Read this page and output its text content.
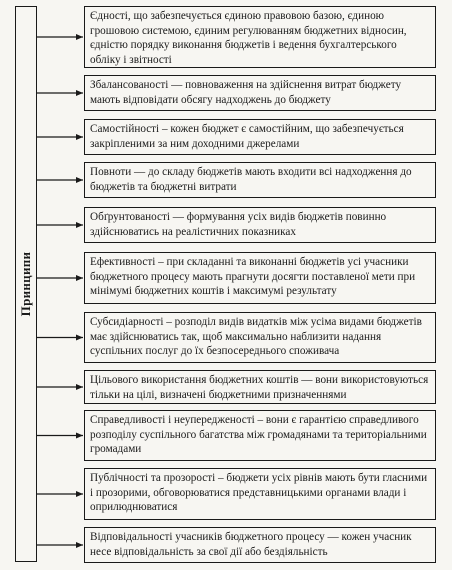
Принципи
Єдності, що забезпечується єдиною правовою базою, єдиною грошовою системою, єдиним регулюванням бюджетних відносин, єдністю порядку виконання бюджетів і ведення бухгалтерського обліку і звітності
Збалансованості — повноваження на здійснення витрат бюджету мають відповідати обсягу надходжень до бюджету
Самостійності – кожен бюджет є самостійним, що забезпечується закріпленими за ним доходними джерелами
Повноти — до складу бюджетів мають входити всі надходження до бюджетів та бюджетні витрати
Обґрунтованості — формування усіх видів бюджетів повинно здійснюватись на реалістичних показниках
Ефективності – при складанні та виконанні бюджетів усі учасники бюджетного процесу мають прагнути досягти поставленої мети при мінімумі бюджетних коштів і максимумі результату
Субсидіарності – розподіл видів видатків між усіма видами бюджетів має здійснюватись так, щоб максимально наблизити надання суспільних послуг до їх безпосереднього споживача
Цільового використання бюджетних коштів — вони використовуються тільки на цілі, визначені бюджетними призначеннями
Справедливості і неупередженості – вони є гарантією справедливого розподілу суспільного багатства між громадянами та територіальними громадами
Публічності та прозорості – бюджети усіх рівнів мають бути гласними і прозорими, обговорюватися представницькими органами влади і оприлюднюватися
Відповідальності учасників бюджетного процесу — кожен учасник несе відповідальність за свої дії або бездіяльність
